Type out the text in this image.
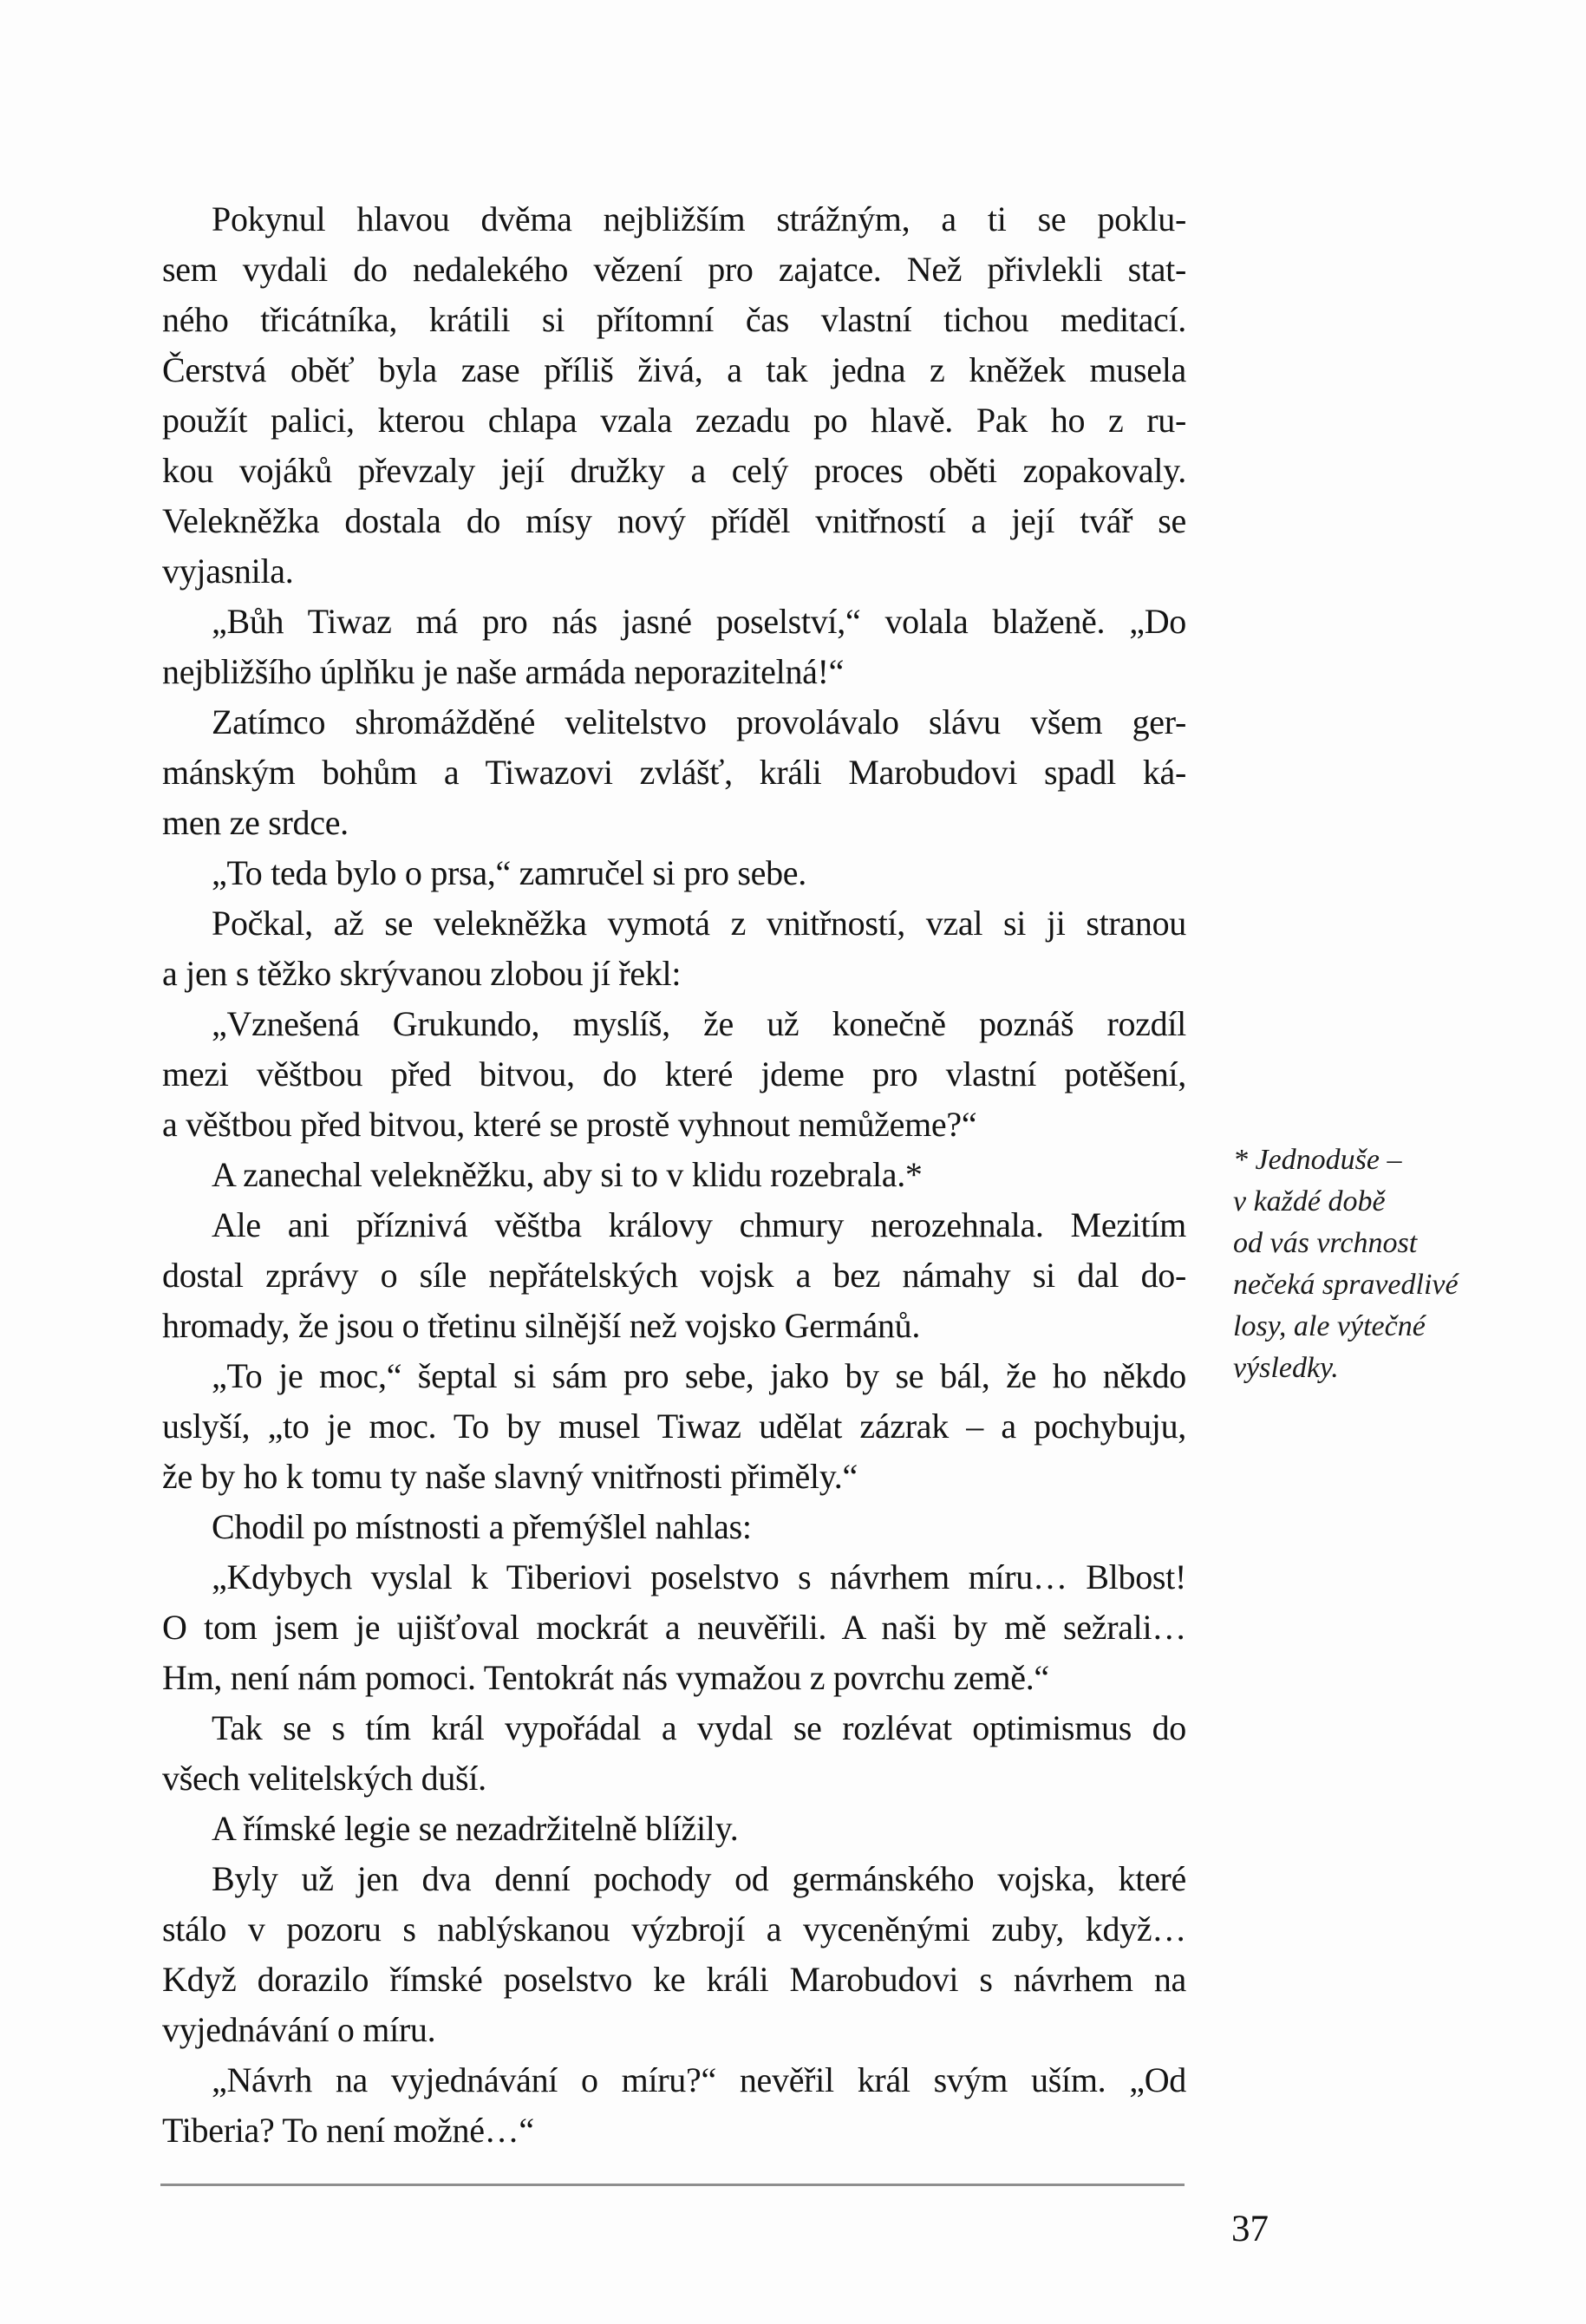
Pokynul hlavou dvěma nejbližším strážným, a ti se poklu-
sem vydali do nedalekého vězení pro zajatce. Než přivlekli stat-
ného třicátníka, krátili si přítomní čas vlastní tichou meditací.
Čerstvá oběť byla zase příliš živá, a tak jedna z kněžek musela
použít palici, kterou chlapa vzala zezadu po hlavě. Pak ho z ru-
kou vojáků převzaly její družky a celý proces oběti zopakovaly.
Velekněžka dostala do mísy nový příděl vnitřností a její tvář se
vyjasnila.
„Bůh Tiwaz má pro nás jasné poselství,“ volala blaženě. „Do
nejbližšího úplňku je naše armáda neporazitelná!“
Zatímco shromážděné velitelstvo provolávalo slávu všem ger-
mánským bohům a Tiwazovi zvlášť, králi Marobudovi spadl ká-
men ze srdce.
„To teda bylo o prsa,“ zamručel si pro sebe.
Počkal, až se velekněžka vymotá z vnitřností, vzal si ji stranou
a jen s těžko skrývanou zlobou jí řekl:
„Vznešená Grukundo, myslíš, že už konečně poznáš rozdíl
mezi věštbou před bitvou, do které jdeme pro vlastní potěšení,
a věštbou před bitvou, které se prostě vyhnout nemůžeme?“
A zanechal velekněžku, aby si to v klidu rozebrala.*
Ale ani příznivá věštba královy chmury nerozehnala. Mezitím
dostal zprávy o síle nepřátelských vojsk a bez námahy si dal do-
hromady, že jsou o třetinu silnější než vojsko Germánů.
„To je moc,“ šeptal si sám pro sebe, jako by se bál, že ho někdo
uslyší, „to je moc. To by musel Tiwaz udělat zázrak – a pochybuju,
že by ho k tomu ty naše slavný vnitřnosti přiměly.“
Chodil po místnosti a přemýšlel nahlas:
„Kdybych vyslal k Tiberiovi poselstvo s návrhem míru… Blbost!
O tom jsem je ujišťoval mockrát a neuvěřili. A naši by mě sežrali…
Hm, není nám pomoci. Tentokrát nás vymažou z povrchu země.“
Tak se s tím král vypořádal a vydal se rozlévat optimismus do
všech velitelských duší.
A římské legie se nezadržitelně blížily.
Byly už jen dva denní pochody od germánského vojska, které
stálo v pozoru s nablýskanou výzbrojí a vyceněnými zuby, když…
Když dorazilo římské poselstvo ke králi Marobudovi s návrhem na
vyjednávání o míru.
„Návrh na vyjednávání o míru?“ nevěřil král svým uším. „Od
Tiberia? To není možné…“
* Jednoduše –
v každé době
od vás vrchnost
nečeká spravedlivé
losy, ale výtečné
výsledky.
37
